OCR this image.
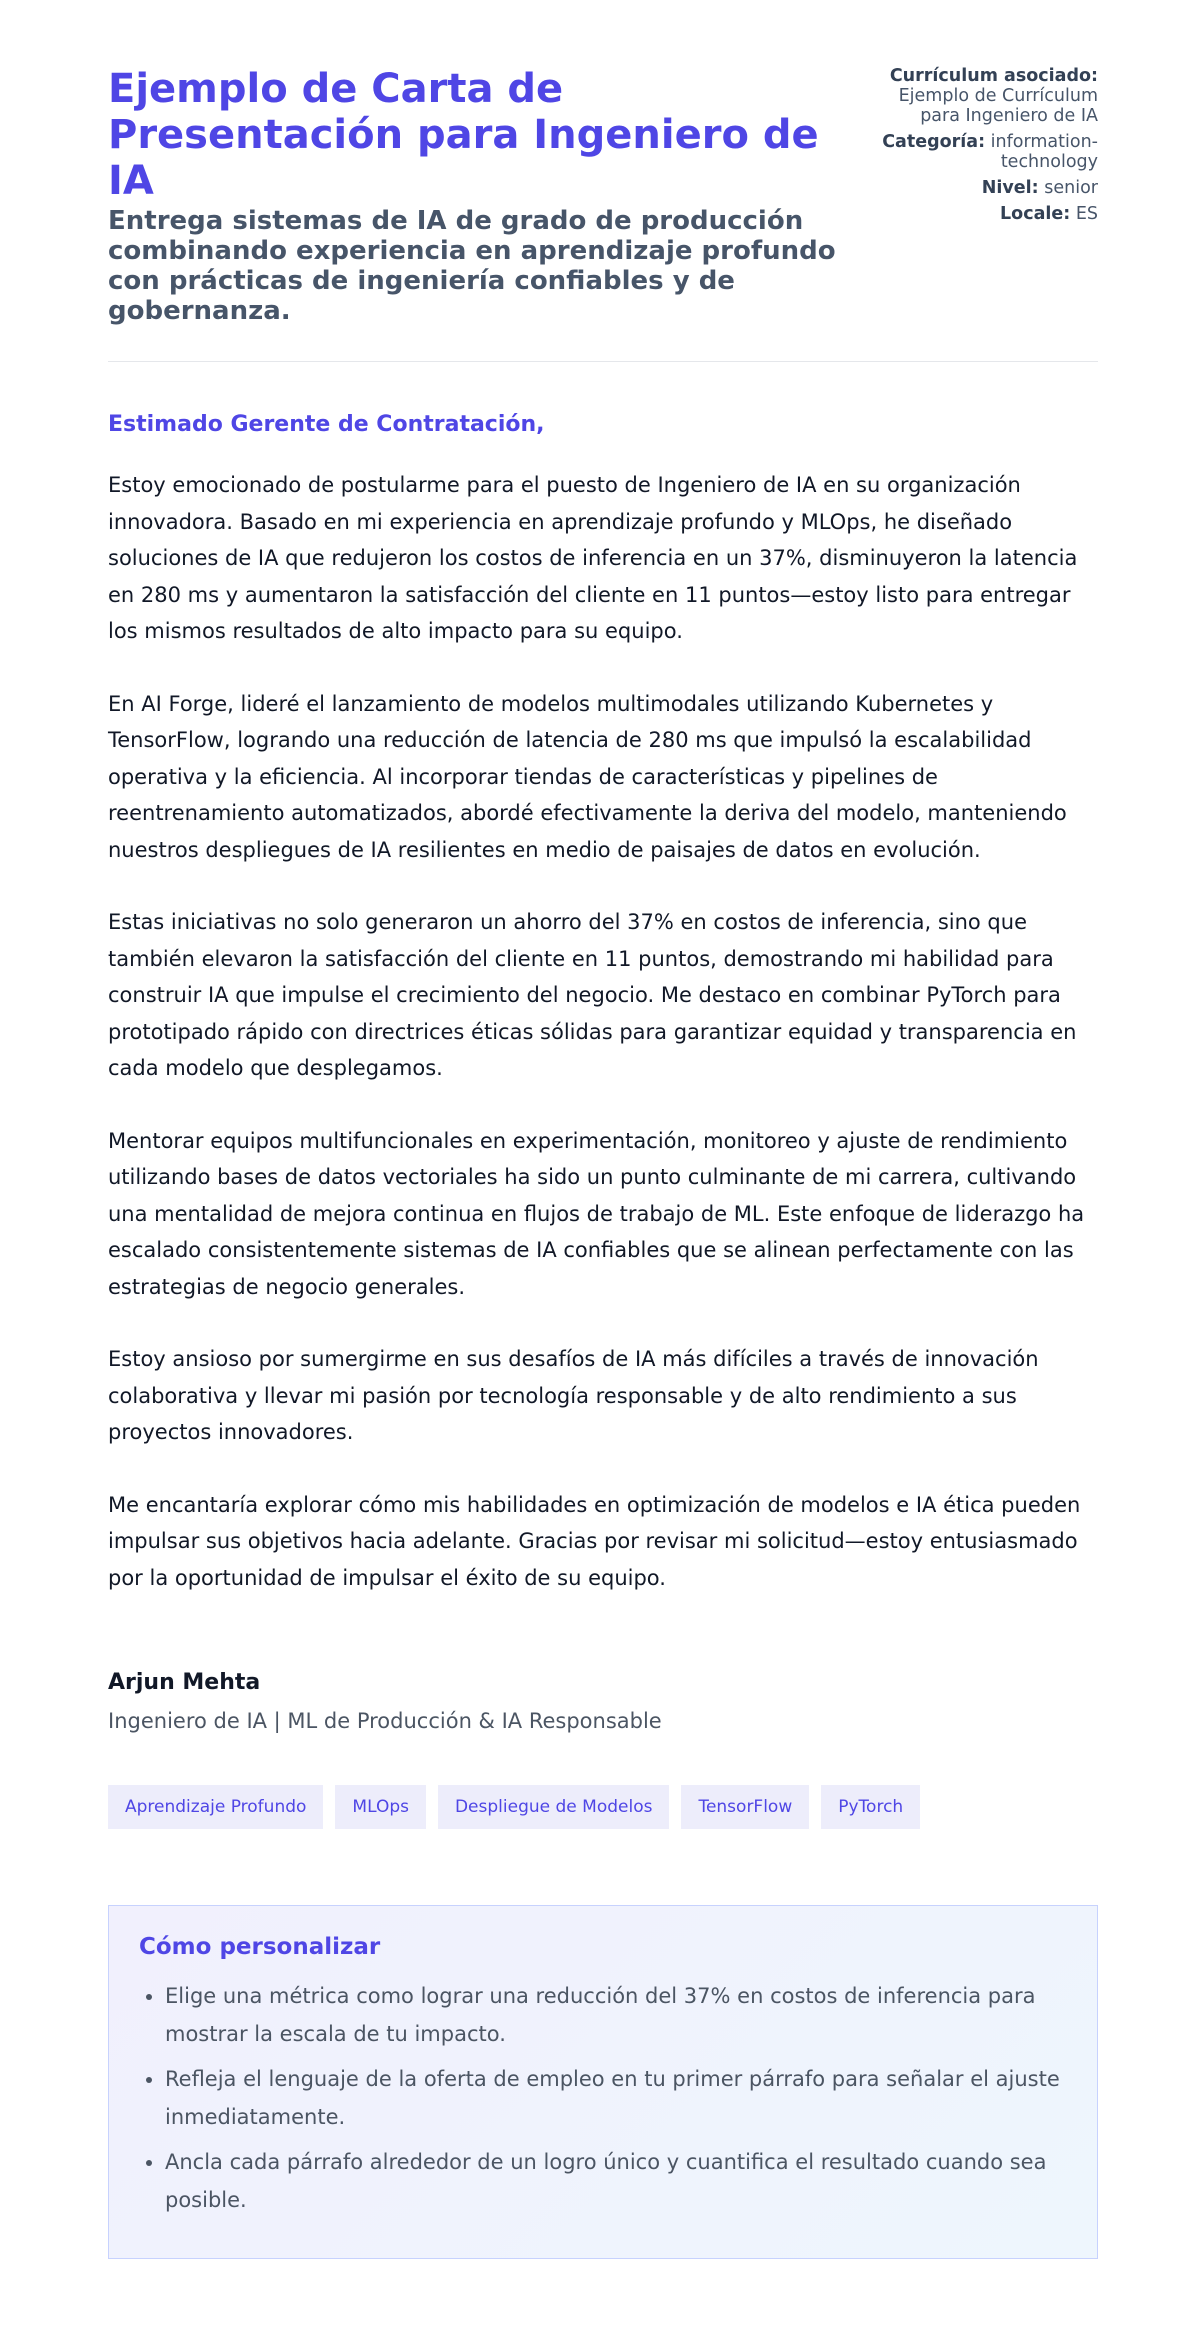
Ejemplo de Carta de Presentación para Ingeniero de IA
Entrega sistemas de IA de grado de producción combinando experiencia en aprendizaje profundo con prácticas de ingeniería confiables y de gobernanza.
Currículum asociado: Ejemplo de Currículum para Ingeniero de IA
Categoría: information-technology
Nivel: senior
Locale: ES
Estimado Gerente de Contratación,

Estoy emocionado de postularme para el puesto de Ingeniero de IA en su organización innovadora. Basado en mi experiencia en aprendizaje profundo y MLOps, he diseñado soluciones de IA que redujeron los costos de inferencia en un 37%, disminuyeron la latencia en 280 ms y aumentaron la satisfacción del cliente en 11 puntos—estoy listo para entregar los mismos resultados de alto impacto para su equipo.

En AI Forge, lideré el lanzamiento de modelos multimodales utilizando Kubernetes y TensorFlow, logrando una reducción de latencia de 280 ms que impulsó la escalabilidad operativa y la eficiencia. Al incorporar tiendas de características y pipelines de reentrenamiento automatizados, abordé efectivamente la deriva del modelo, manteniendo nuestros despliegues de IA resilientes en medio de paisajes de datos en evolución.

Estas iniciativas no solo generaron un ahorro del 37% en costos de inferencia, sino que también elevaron la satisfacción del cliente en 11 puntos, demostrando mi habilidad para construir IA que impulse el crecimiento del negocio. Me destaco en combinar PyTorch para prototipado rápido con directrices éticas sólidas para garantizar equidad y transparencia en cada modelo que desplegamos.

Mentorar equipos multifuncionales en experimentación, monitoreo y ajuste de rendimiento utilizando bases de datos vectoriales ha sido un punto culminante de mi carrera, cultivando una mentalidad de mejora continua en flujos de trabajo de ML. Este enfoque de liderazgo ha escalado consistentemente sistemas de IA confiables que se alinean perfectamente con las estrategias de negocio generales.

Estoy ansioso por sumergirme en sus desafíos de IA más difíciles a través de innovación colaborativa y llevar mi pasión por tecnología responsable y de alto rendimiento a sus proyectos innovadores.

Me encantaría explorar cómo mis habilidades en optimización de modelos e IA ética pueden impulsar sus objetivos hacia adelante. Gracias por revisar mi solicitud—estoy entusiasmado por la oportunidad de impulsar el éxito de su equipo.

Arjun Mehta
Ingeniero de IA | ML de Producción & IA Responsable
Aprendizaje Profundo	MLOps	Despliegue de Modelos	TensorFlow	PyTorch
Cómo personalizar
• Elige una métrica como lograr una reducción del 37% en costos de inferencia para mostrar la escala de tu impacto.
• Refleja el lenguaje de la oferta de empleo en tu primer párrafo para señalar el ajuste inmediatamente.
• Ancla cada párrafo alrededor de un logro único y cuantifica el resultado cuando sea posible.
